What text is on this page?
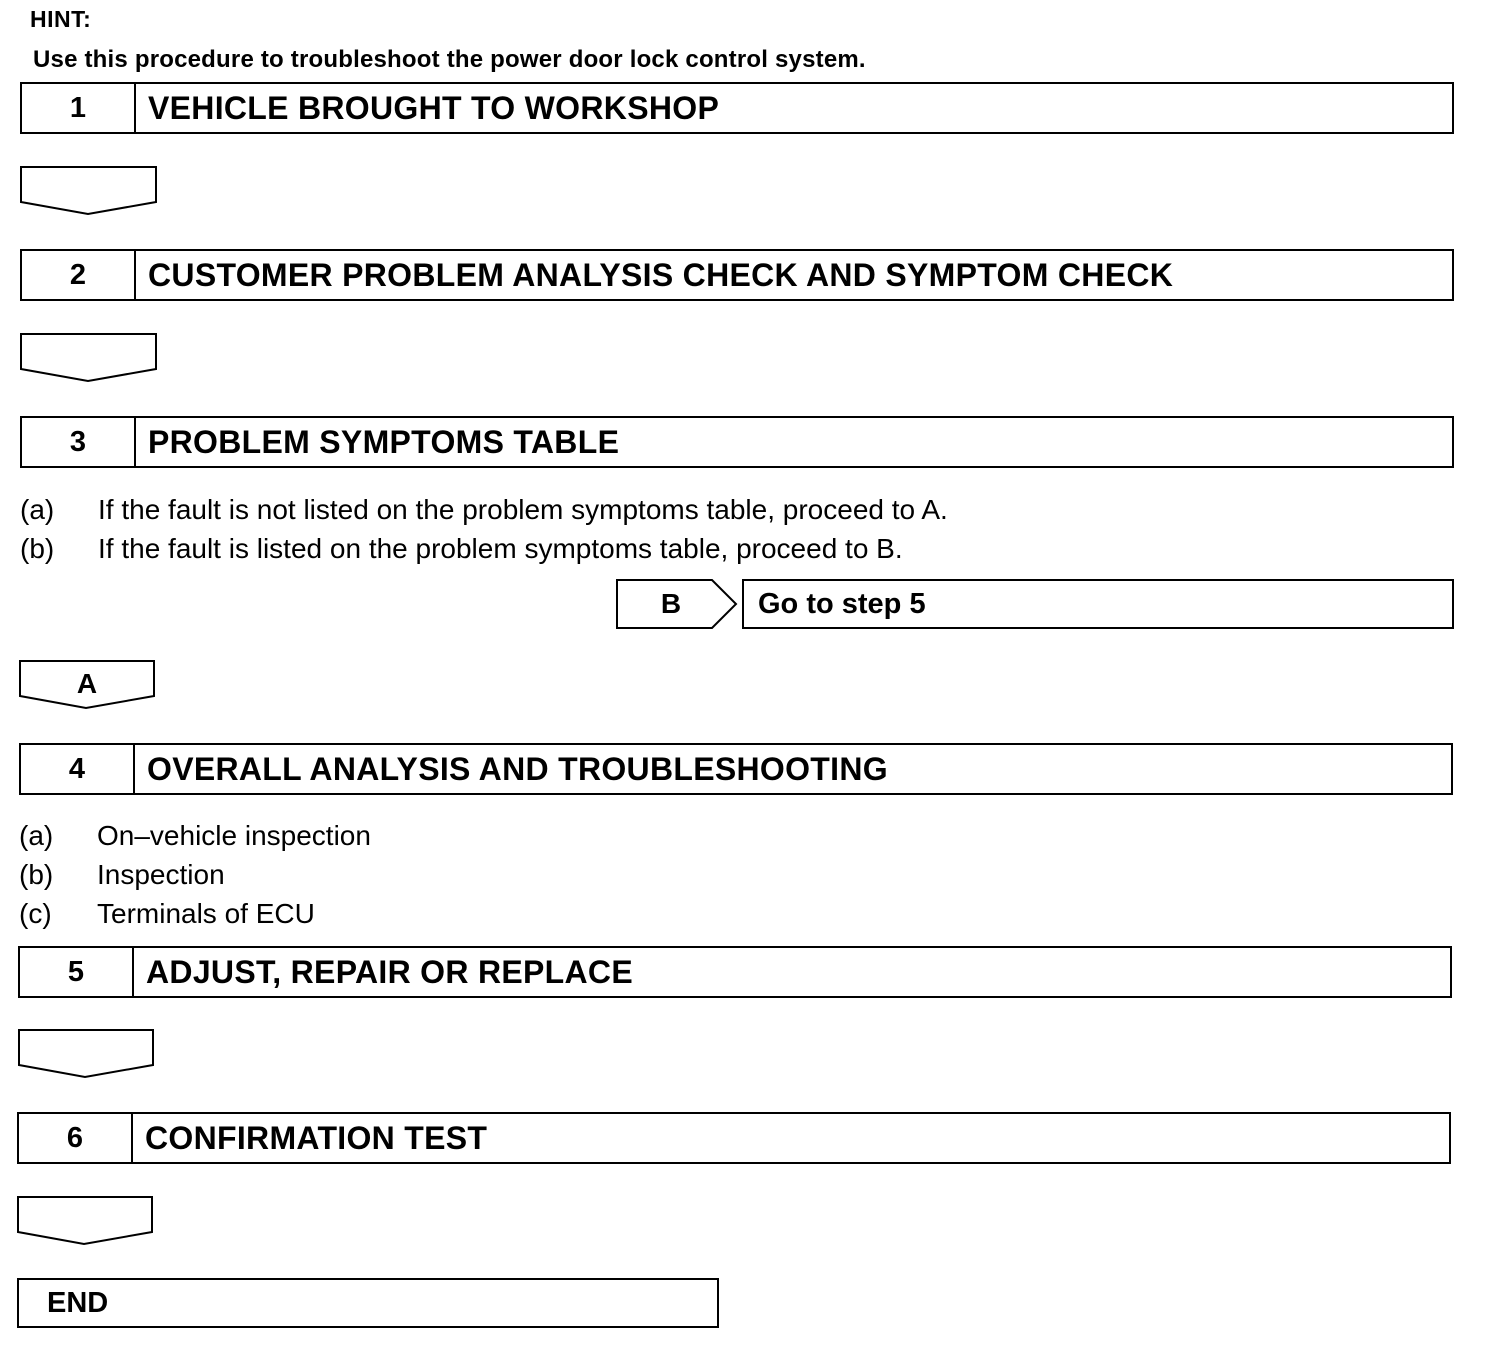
HINT:
Use this procedure to troubleshoot the power door lock control system.
1	VEHICLE BROUGHT TO WORKSHOP
2	CUSTOMER PROBLEM ANALYSIS CHECK AND SYMPTOM CHECK
3	PROBLEM SYMPTOMS TABLE
(a)	If the fault is not listed on the problem symptoms table, proceed to A.
(b)	If the fault is listed on the problem symptoms table, proceed to B.
B	Go to step 5
A
4	OVERALL ANALYSIS AND TROUBLESHOOTING
(a)	On–vehicle inspection
(b)	Inspection
(c)	Terminals of ECU
5	ADJUST, REPAIR OR REPLACE
6	CONFIRMATION TEST
END
